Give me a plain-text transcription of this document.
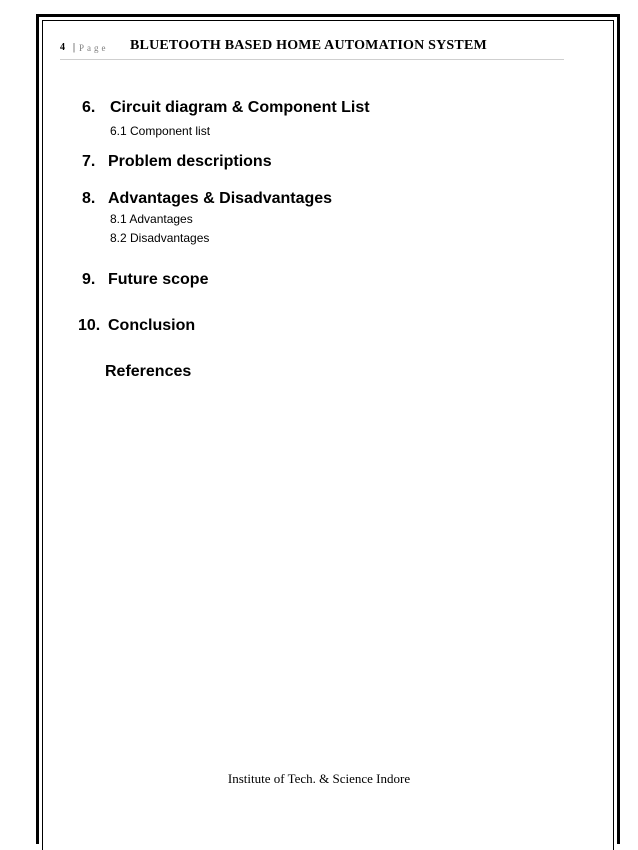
4 | Page BLUETOOTH BASED HOME AUTOMATION SYSTEM
6. Circuit diagram & Component List
6.1 Component list
7. Problem descriptions
8. Advantages & Disadvantages
8.1 Advantages
8.2 Disadvantages
9. Future scope
10. Conclusion
References
Institute of Tech. & Science Indore
